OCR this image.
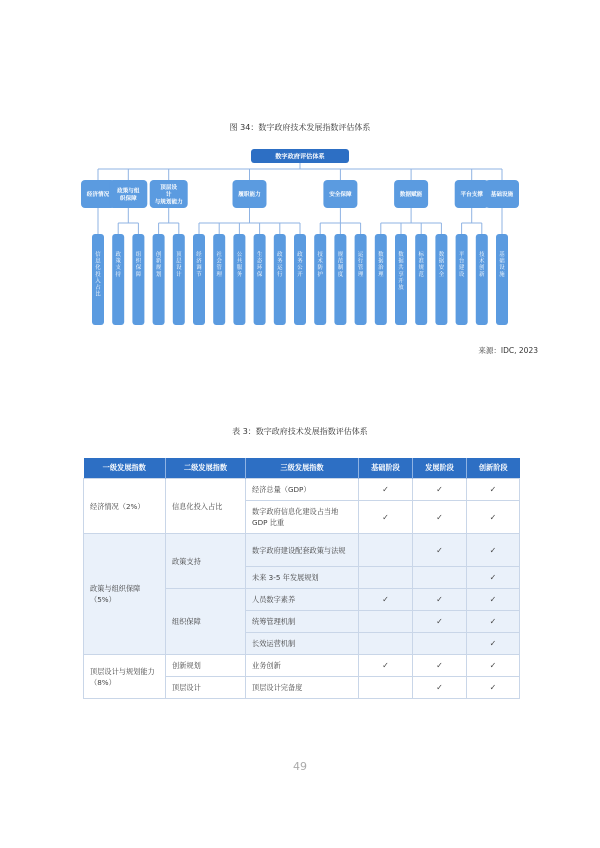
图 34：数字政府技术发展指数评估体系
数字政府评估体系
经济情况
信
息
化
投
入
占
比
政策与组
织保障
政
策
支
持
组
织
保
障
顶层设
计
与规划能力
创
新
规
划
顶
层
设
计
履职能力
经
济
调
节
社
会
管
理
公
共
服
务
生
态
环
保
政
务
运
行
政
务
公
开
安全保障
技
术
防
护
规
范
制
度
运
行
管
理
数据赋能
数
据
治
理
数
据
共
享
开
放
标
准
规
范
数
据
安
全
平台支撑
平
台
建
设
技
术
创
新
基础设施
基
础
设
施
来源：IDC, 2023
表 3：数字政府技术发展指数评估体系
一级发展指数	二级发展指数	三级发展指数	基础阶段	发展阶段	创新阶段
经济情况（2%）	信息化投入占比	经济总量（GDP）	✓	✓	✓
		数字政府信息化建设占当地 GDP 比重	✓	✓	✓
政策与组织保障（5%）	政策支持	数字政府建设配套政策与法规		✓	✓
		未来 3-5 年发展规划			✓
	组织保障	人员数字素养	✓	✓	✓
		统筹管理机制		✓	✓
		长效运营机制			✓
顶层设计与规划能力（8%）	创新规划	业务创新	✓	✓	✓
	顶层设计	顶层设计完备度		✓	✓
49
